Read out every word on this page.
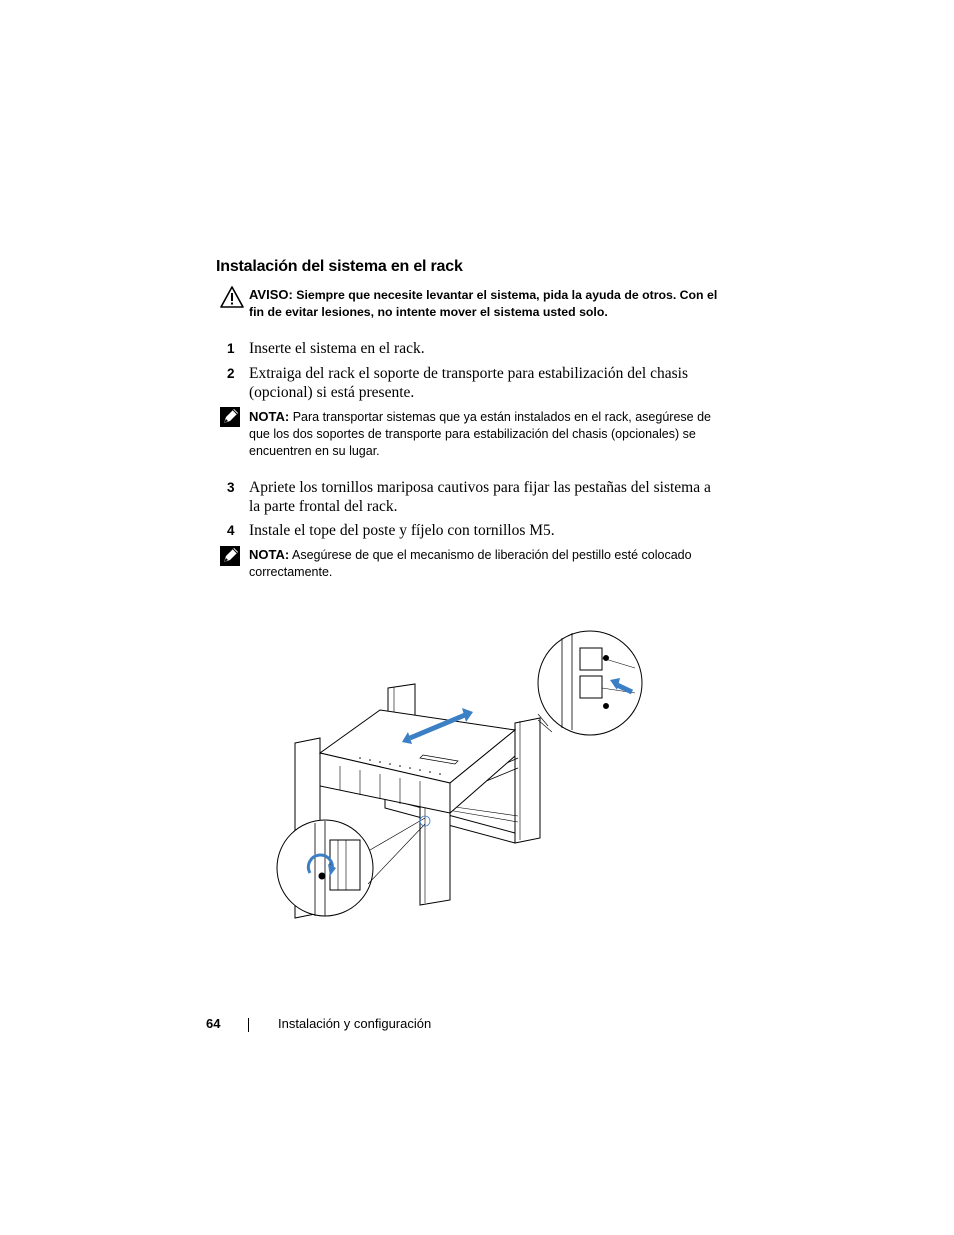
Instalación del sistema en el rack
AVISO: Siempre que necesite levantar el sistema, pida la ayuda de otros. Con el fin de evitar lesiones, no intente mover el sistema usted solo.
1 Inserte el sistema en el rack.
2 Extraiga del rack el soporte de transporte para estabilización del chasis (opcional) si está presente.
NOTA: Para transportar sistemas que ya están instalados en el rack, asegúrese de que los dos soportes de transporte para estabilización del chasis (opcionales) se encuentren en su lugar.
3 Apriete los tornillos mariposa cautivos para fijar las pestañas del sistema a la parte frontal del rack.
4 Instale el tope del poste y fíjelo con tornillos M5.
NOTA: Asegúrese de que el mecanismo de liberación del pestillo esté colocado correctamente.
64	Instalación y configuración
